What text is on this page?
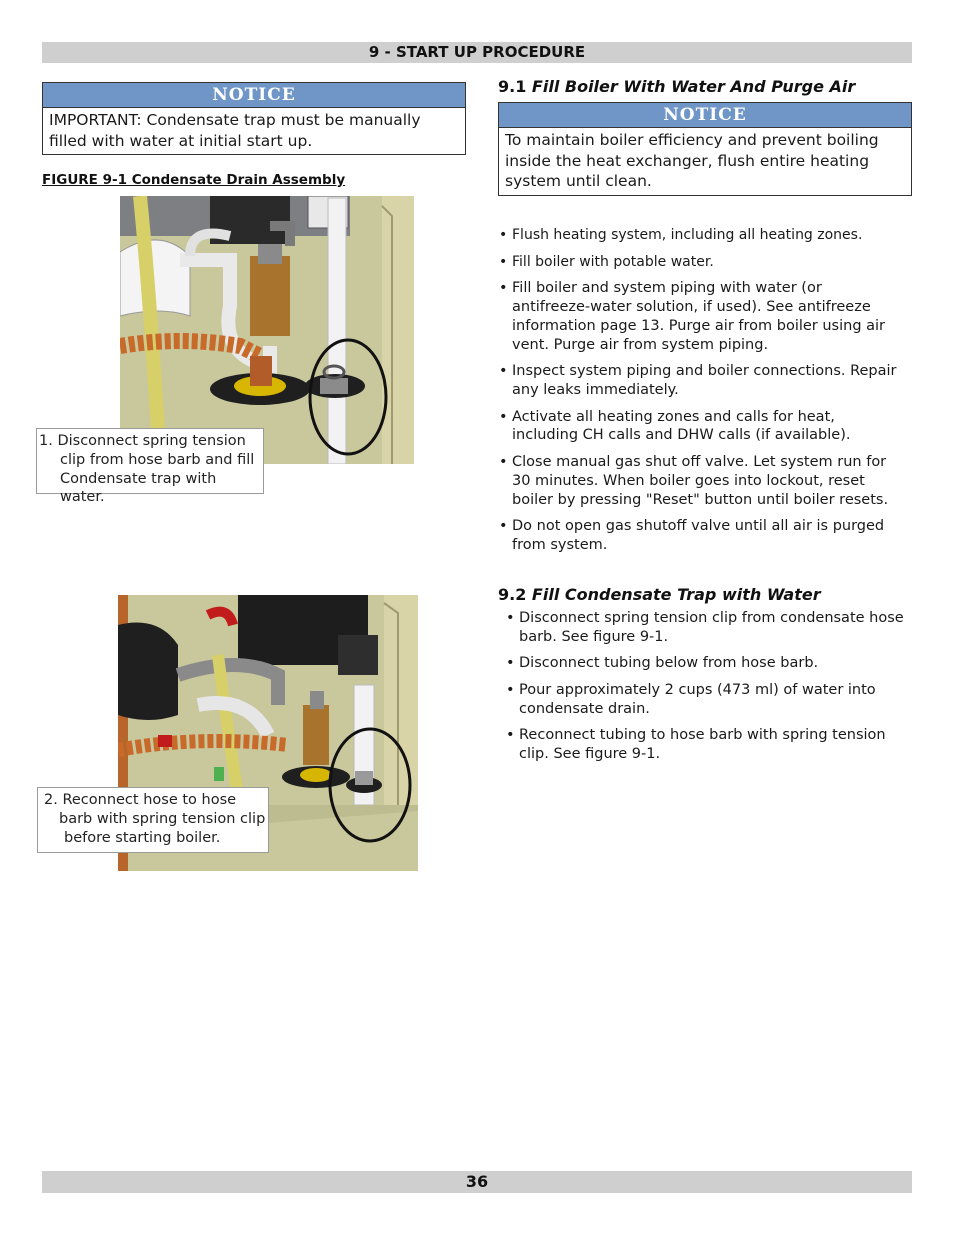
9 - START UP PROCEDURE
NOTICE
IMPORTANT: Condensate trap must be manually
filled with water at initial start up.
FIGURE 9-1 Condensate Drain Assembly
1. Disconnect spring tension
clip from hose barb and fill
Condensate trap with water.
2. Reconnect hose to hose
barb with spring tension clip
before starting boiler.
9.1 Fill Boiler With Water And Purge Air
NOTICE
To maintain boiler efficiency and prevent boiling
inside the heat exchanger, flush entire heating
system until clean.
• Flush heating system, including all heating zones.
• Fill boiler with potable water.
• Fill boiler and system piping with water (or
antifreeze-water solution, if used). See antifreeze
information page 13. Purge air from boiler using air
vent. Purge air from system piping.
• Inspect system piping and boiler connections. Repair
any leaks immediately.
• Activate all heating zones and calls for heat,
including CH calls and DHW calls (if available).
• Close manual gas shut off valve. Let system run for
30 minutes. When boiler goes into lockout, reset
boiler by pressing "Reset" button until boiler resets.
• Do not open gas shutoff valve until all air is purged
from system.
9.2 Fill Condensate Trap with Water
• Disconnect spring tension clip from condensate hose
barb. See figure 9-1.
• Disconnect tubing below from hose barb.
• Pour approximately 2 cups (473 ml) of water into
condensate drain.
• Reconnect tubing to hose barb with spring tension
clip. See figure 9-1.
36
